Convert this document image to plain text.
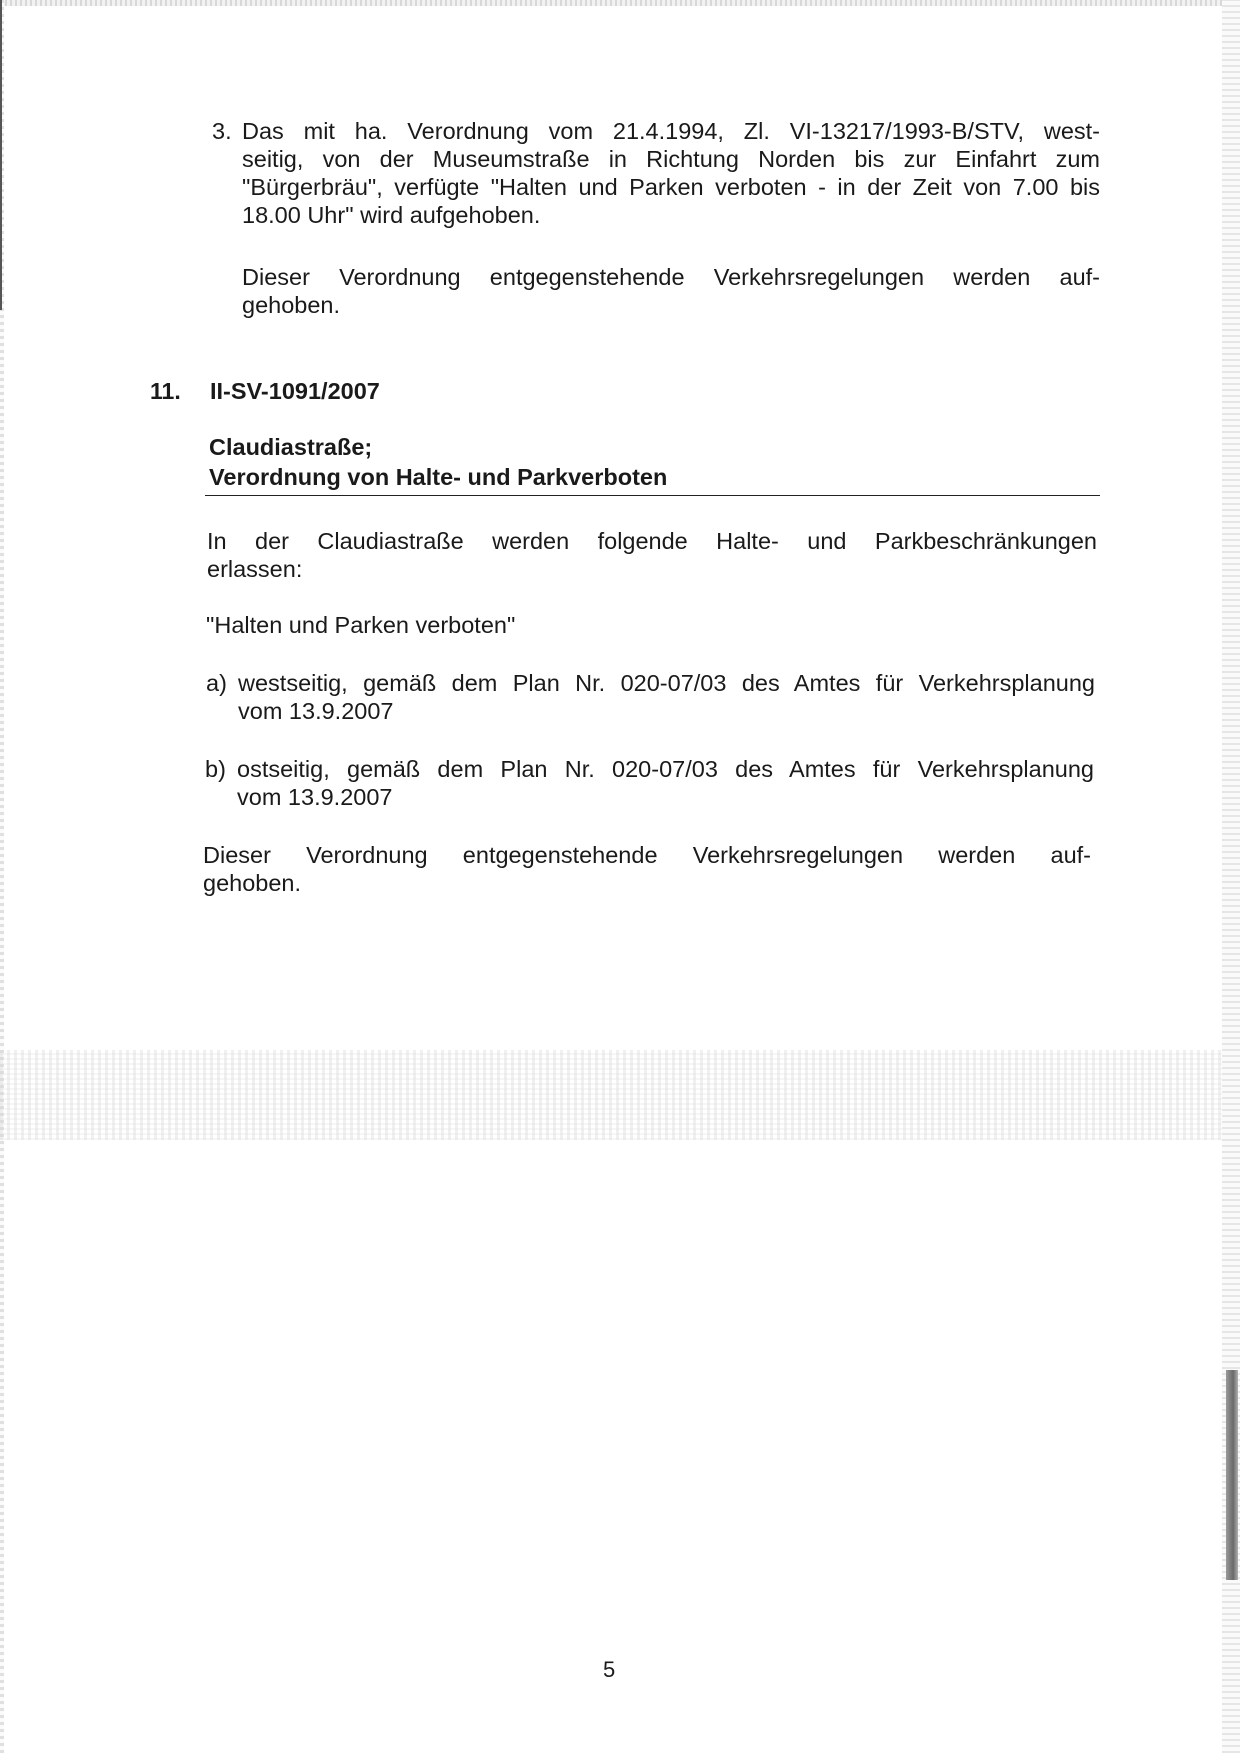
3. Das mit ha. Verordnung vom 21.4.1994, Zl. VI-13217/1993-B/STV, west-
seitig, von der Museumstraße in Richtung Norden bis zur Einfahrt zum
"Bürgerbräu", verfügte "Halten und Parken verboten - in der Zeit von 7.00 bis
18.00 Uhr" wird aufgehoben.
Dieser Verordnung entgegenstehende Verkehrsregelungen werden auf-
gehoben.
11. II-SV-1091/2007
Claudiastraße;
Verordnung von Halte- und Parkverboten
In der Claudiastraße werden folgende Halte- und Parkbeschränkungen
erlassen:
"Halten und Parken verboten"
a) westseitig, gemäß dem Plan Nr. 020-07/03 des Amtes für Verkehrsplanung
vom 13.9.2007
b) ostseitig, gemäß dem Plan Nr. 020-07/03 des Amtes für Verkehrsplanung
vom 13.9.2007
Dieser Verordnung entgegenstehende Verkehrsregelungen werden auf-
gehoben.
5
